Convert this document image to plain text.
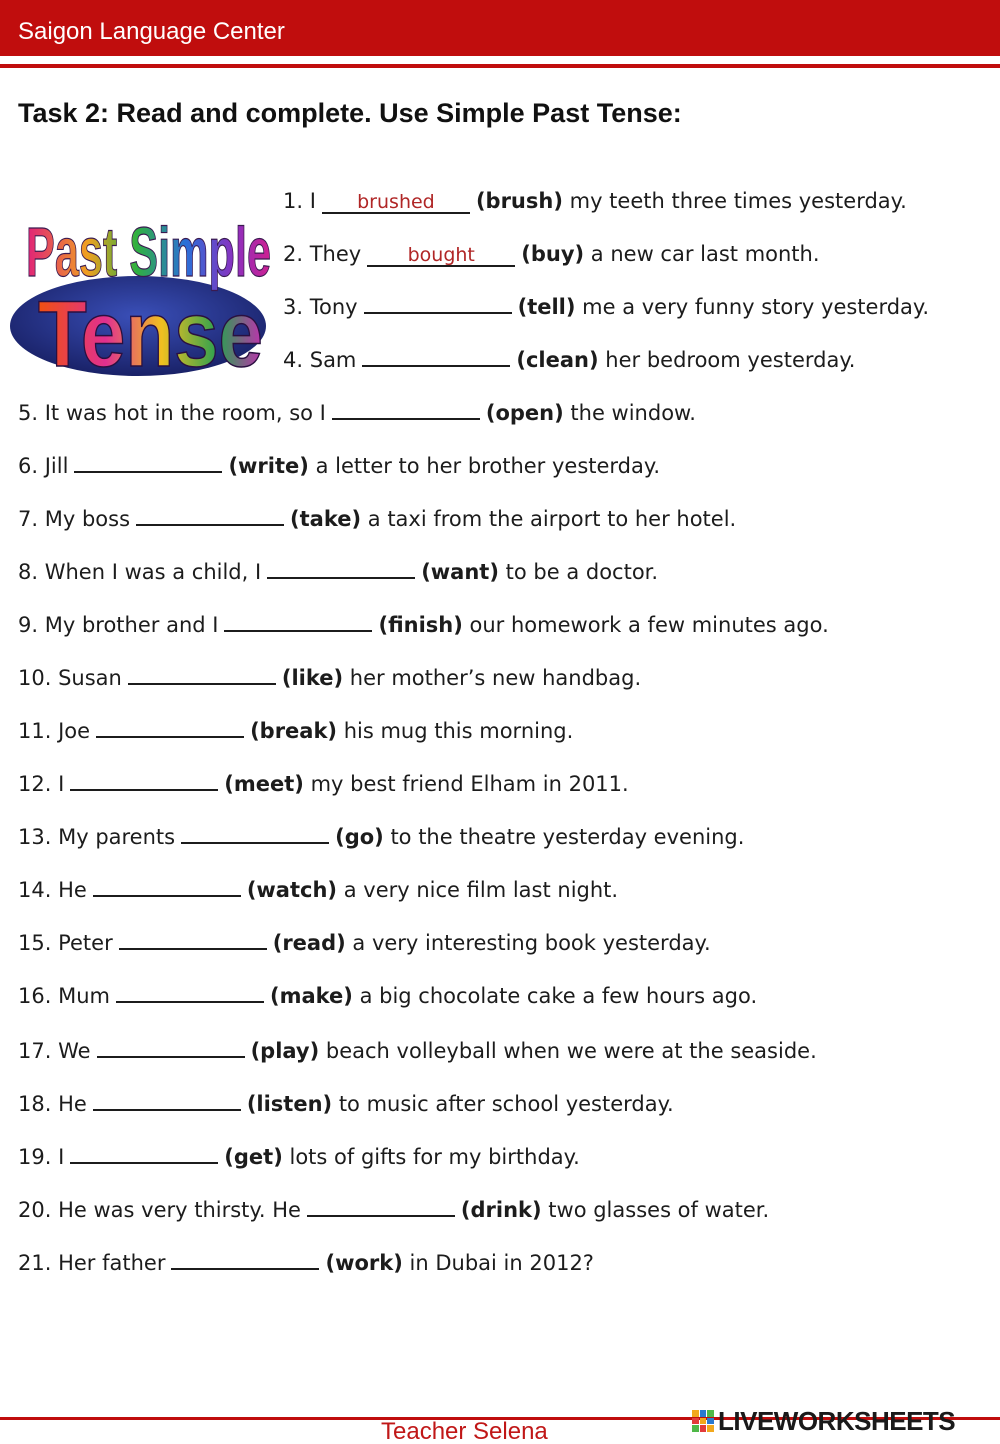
Saigon Language Center
Task 2: Read and complete. Use Simple Past Tense:
Past Simple
Tense
1. I brushed (brush) my teeth three times yesterday.
2. They bought (buy) a new car last month.
3. Tony	(tell) me a very funny story yesterday.
4. Sam	(clean) her bedroom yesterday.
5. It was hot in the room, so I	(open) the window.
6. Jill	(write) a letter to her brother yesterday.
7. My boss	(take) a taxi from the airport to her hotel.
8. When I was a child, I	(want) to be a doctor.
9. My brother and I	(finish) our homework a few minutes ago.
10. Susan	(like) her mother’s new handbag.
11. Joe	(break) his mug this morning.
12. I	(meet) my best friend Elham in 2011.
13. My parents	(go) to the theatre yesterday evening.
14. He	(watch) a very nice film last night.
15. Peter	(read) a very interesting book yesterday.
16. Mum	(make) a big chocolate cake a few hours ago.
17. We	(play) beach volleyball when we were at the seaside.
18. He	(listen) to music after school yesterday.
19. I	(get) lots of gifts for my birthday.
20. He was very thirsty. He	(drink) two glasses of water.
21. Her father	(work) in Dubai in 2012?
Teacher Selena	LIVEWORKSHEETS
